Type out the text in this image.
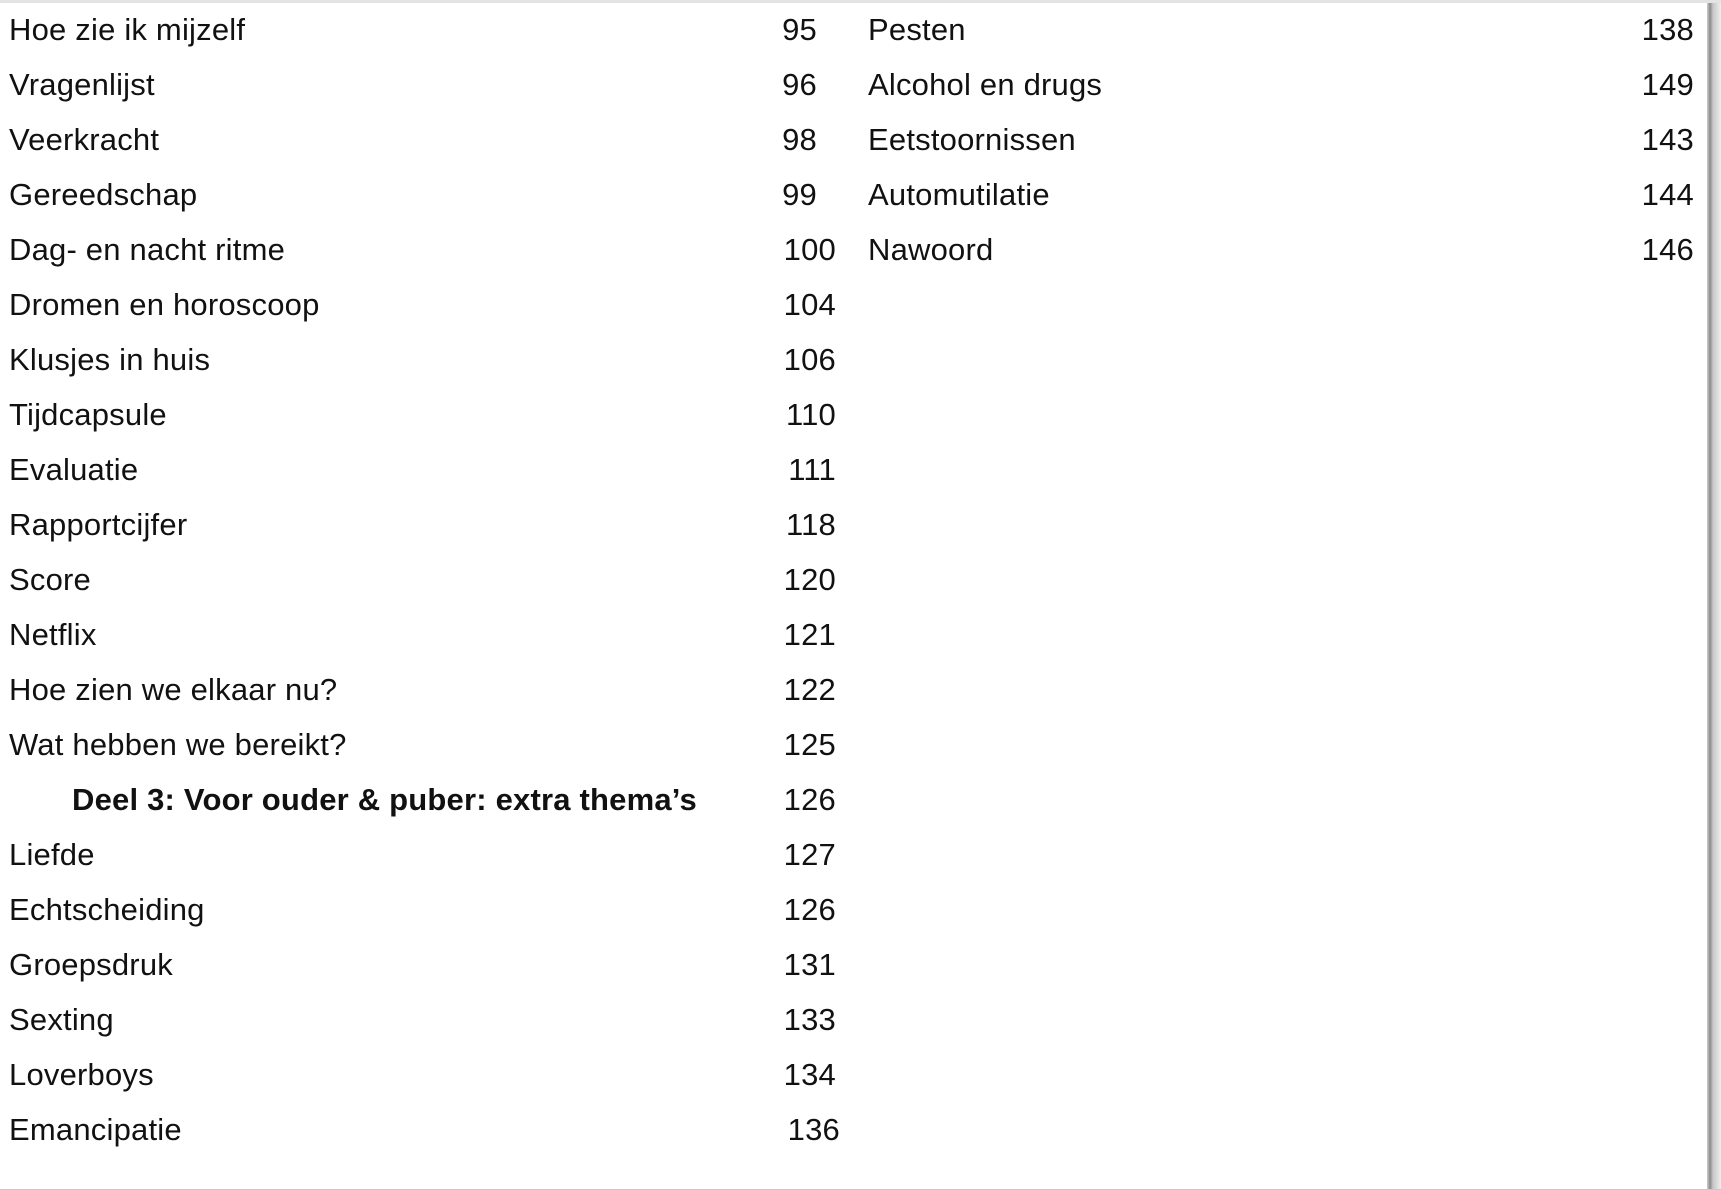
Hoe zie ik mijzelf	95
Vragenlijst	96
Veerkracht	98
Gereedschap	99
Dag- en nacht ritme	100
Dromen en horoscoop	104
Klusjes in huis	106
Tijdcapsule	110
Evaluatie	111
Rapportcijfer	118
Score	120
Netflix	121
Hoe zien we elkaar nu?	122
Wat hebben we bereikt?	125
Deel 3: Voor ouder & puber: extra thema’s	126
Liefde	127
Echtscheiding	126
Groepsdruk	131
Sexting	133
Loverboys	134
Emancipatie	136
Pesten	138
Alcohol en drugs	149
Eetstoornissen	143
Automutilatie	144
Nawoord	146
